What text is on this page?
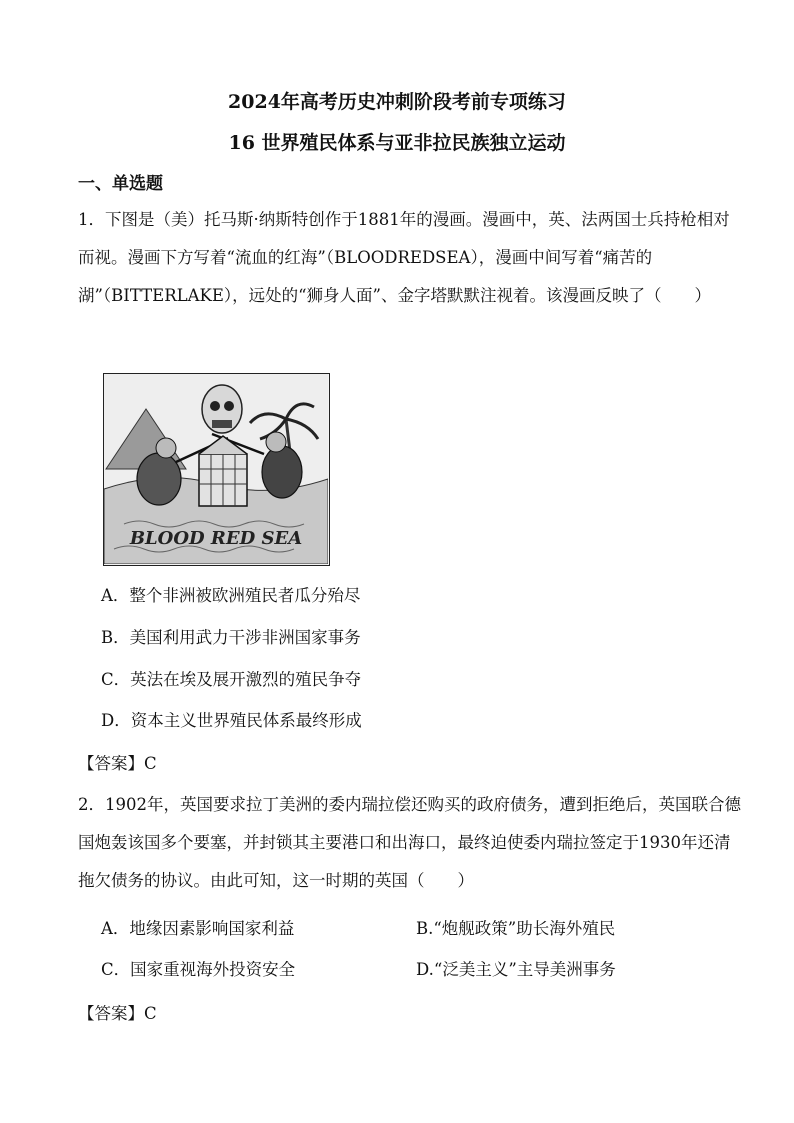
2024年高考历史冲刺阶段考前专项练习
16 世界殖民体系与亚非拉民族独立运动
一、单选题
1．下图是（美）托马斯·纳斯特创作于1881年的漫画。漫画中，英、法两国士兵持枪相对而视。漫画下方写着“流血的红海”（BLOODREDSEA），漫画中间写着“痛苦的湖”（BITTERLAKE），远处的“狮身人面”、金字塔默默注视着。该漫画反映了（　　）
BLOOD RED SEA
A．整个非洲被欧洲殖民者瓜分殆尽
B．美国利用武力干涉非洲国家事务
C．英法在埃及展开激烈的殖民争夺
D．资本主义世界殖民体系最终形成
【答案】C
2．1902年，英国要求拉丁美洲的委内瑞拉偿还购买的政府债务，遭到拒绝后，英国联合德国炮轰该国多个要塞，并封锁其主要港口和出海口，最终迫使委内瑞拉签定于1930年还清拖欠债务的协议。由此可知，这一时期的英国（　　）
A．地缘因素影响国家利益	B.“炮舰政策”助长海外殖民
C．国家重视海外投资安全	D.“泛美主义”主导美洲事务
【答案】C
